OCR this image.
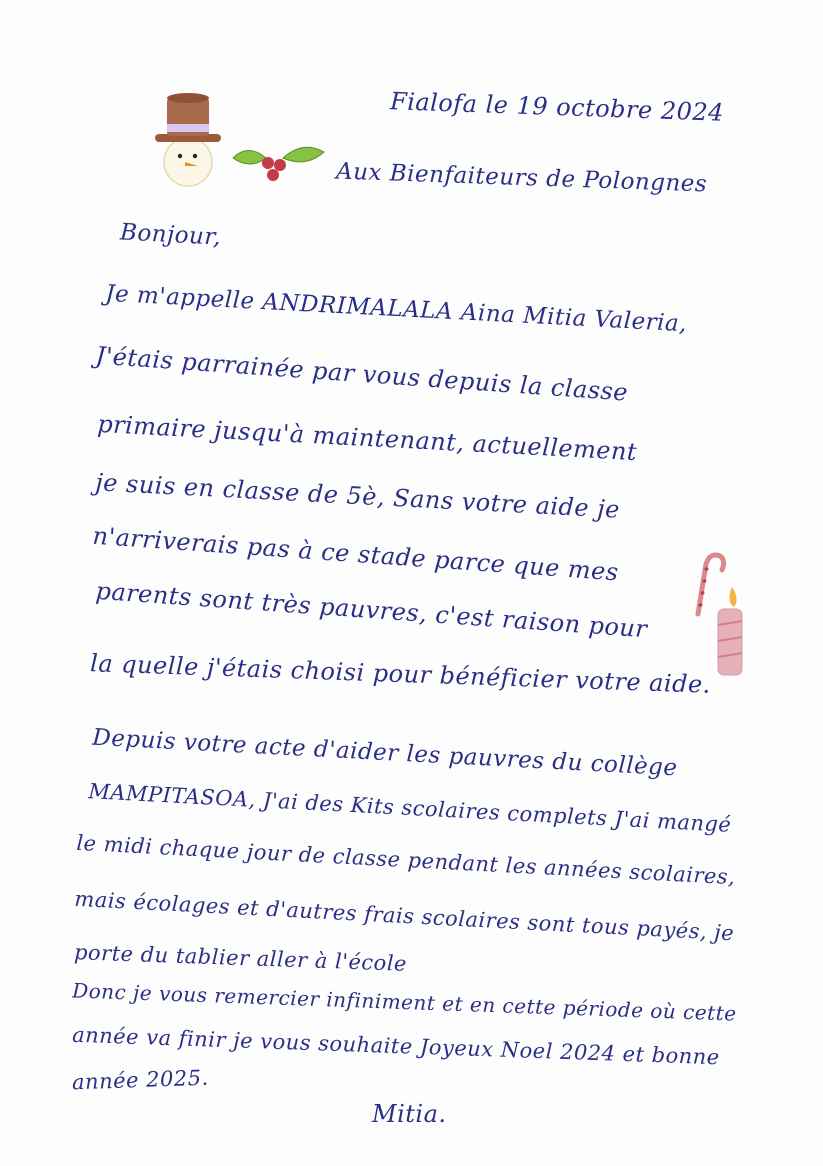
Fialofa le 19 octobre 2024
Aux Bienfaiteurs de Polongnes
Bonjour,
Je m'appelle ANDRIMALALA Aina Mitia Valeria,
J'étais parrainée par vous depuis la classe
primaire jusqu'à maintenant, actuellement
je suis en classe de 5è, Sans votre aide je
n'arriverais pas à ce stade parce que mes
parents sont très pauvres, c'est raison pour
la quelle j'étais choisi pour bénéficier votre aide.
Depuis votre acte d'aider les pauvres du collège
MAMPITASOA, J'ai des Kits scolaires complets J'ai mangé
le midi chaque jour de classe pendant les années scolaires,
mais écolages et d'autres frais scolaires sont tous payés, je
porte du tablier aller à l'école
Donc je vous remercier infiniment et en cette période où cette
année va finir je vous souhaite Joyeux Noel 2024 et bonne
année 2025.
Mitia.
